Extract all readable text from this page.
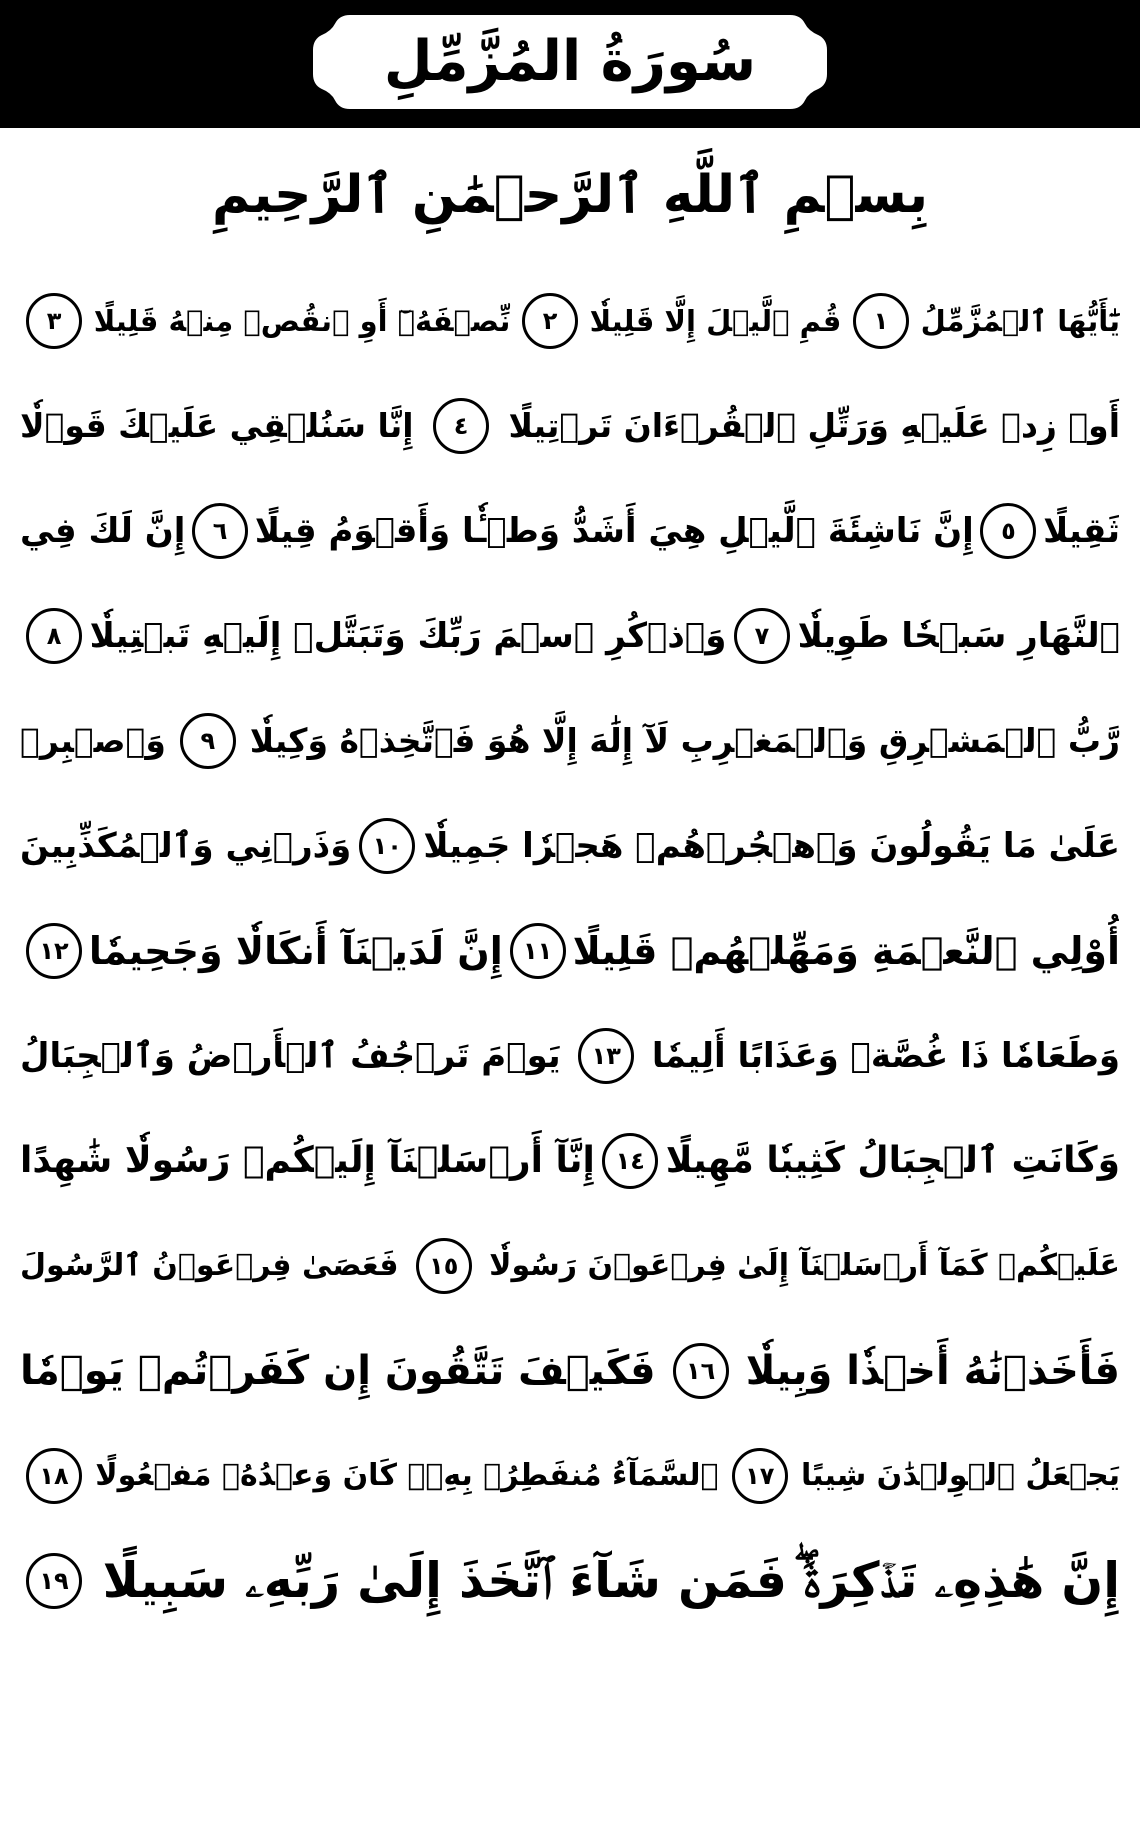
سُورَةُ المُزَّمِّلِ
بِسۡمِ ٱللَّهِ ٱلرَّحۡمَٰنِ ٱلرَّحِيمِ
يَٰٓأَيُّهَا ٱلۡمُزَّمِّلُ
١
قُمِ ٱلَّيۡلَ إِلَّا قَلِيلٗا
٢
نِّصۡفَهُۥٓ أَوِ ٱنقُصۡ مِنۡهُ قَلِيلًا
٣
أَوۡ زِدۡ عَلَيۡهِ وَرَتِّلِ ٱلۡقُرۡءَانَ تَرۡتِيلًا
٤
إِنَّا سَنُلۡقِي عَلَيۡكَ قَوۡلٗا
ثَقِيلًا
٥
إِنَّ نَاشِئَةَ ٱلَّيۡلِ هِيَ أَشَدُّ وَطۡـٔٗا وَأَقۡوَمُ قِيلًا
٦
إِنَّ لَكَ فِي
ٱلنَّهَارِ سَبۡحٗا طَوِيلٗا
٧
وَٱذۡكُرِ ٱسۡمَ رَبِّكَ وَتَبَتَّلۡ إِلَيۡهِ تَبۡتِيلٗا
٨
رَّبُّ ٱلۡمَشۡرِقِ وَٱلۡمَغۡرِبِ لَآ إِلَٰهَ إِلَّا هُوَ فَٱتَّخِذۡهُ وَكِيلٗا
٩
وَٱصۡبِرۡ
عَلَىٰ مَا يَقُولُونَ وَٱهۡجُرۡهُمۡ هَجۡرٗا جَمِيلٗا
١٠
وَذَرۡنِي وَٱلۡمُكَذِّبِينَ
أُوْلِي ٱلنَّعۡمَةِ وَمَهِّلۡهُمۡ قَلِيلًا
١١
إِنَّ لَدَيۡنَآ أَنكَالٗا وَجَحِيمٗا
١٢
وَطَعَامٗا ذَا غُصَّةٖ وَعَذَابًا أَلِيمٗا
١٣
يَوۡمَ تَرۡجُفُ ٱلۡأَرۡضُ وَٱلۡجِبَالُ
وَكَانَتِ ٱلۡجِبَالُ كَثِيبٗا مَّهِيلًا
١٤
إِنَّآ أَرۡسَلۡنَآ إِلَيۡكُمۡ رَسُولٗا شَٰهِدًا
عَلَيۡكُمۡ كَمَآ أَرۡسَلۡنَآ إِلَىٰ فِرۡعَوۡنَ رَسُولٗا
١٥
فَعَصَىٰ فِرۡعَوۡنُ ٱلرَّسُولَ
فَأَخَذۡنَٰهُ أَخۡذٗا وَبِيلٗا
١٦
فَكَيۡفَ تَتَّقُونَ إِن كَفَرۡتُمۡ يَوۡمٗا
يَجۡعَلُ ٱلۡوِلۡدَٰنَ شِيبًا
١٧
ٱلسَّمَآءُ مُنفَطِرُۢ بِهِۦۚ كَانَ وَعۡدُهُۥ مَفۡعُولًا
١٨
إِنَّ هَٰذِهِۦ تَذۡكِرَةٞۖ فَمَن شَآءَ ٱتَّخَذَ إِلَىٰ رَبِّهِۦ سَبِيلًا
١٩
